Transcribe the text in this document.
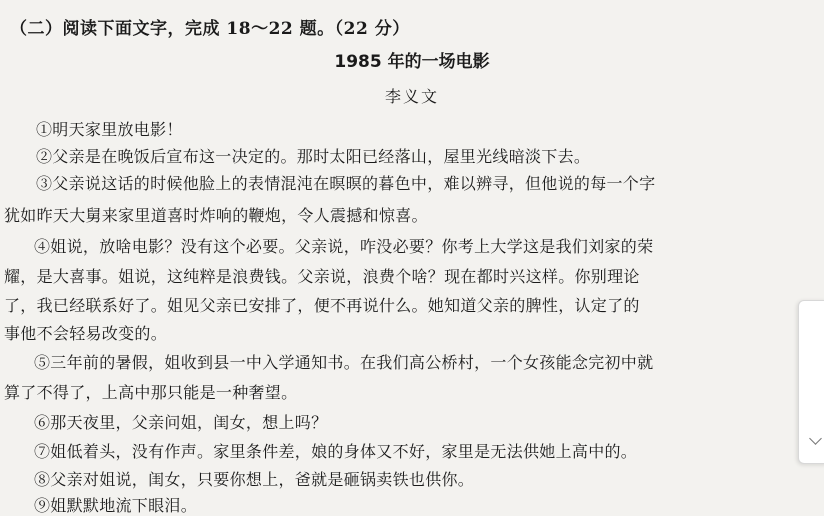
（二）阅读下面文字，完成 18～22 题。（22 分）
1985 年的一场电影
李义文
①明天家里放电影！
②父亲是在晚饭后宣布这一决定的。那时太阳已经落山，屋里光线暗淡下去。
③父亲说这话的时候他脸上的表情混沌在暝暝的暮色中，难以辨寻，但他说的每一个字
犹如昨天大舅来家里道喜时炸响的鞭炮，令人震撼和惊喜。
④姐说，放啥电影？没有这个必要。父亲说，咋没必要？你考上大学这是我们刘家的荣
耀，是大喜事。姐说，这纯粹是浪费钱。父亲说，浪费个啥？现在都时兴这样。你别理论
了，我已经联系好了。姐见父亲已安排了，便不再说什么。她知道父亲的脾性，认定了的
事他不会轻易改变的。
⑤三年前的暑假，姐收到县一中入学通知书。在我们高公桥村，一个女孩能念完初中就
算了不得了，上高中那只能是一种奢望。
⑥那天夜里，父亲问姐，闺女，想上吗？
⑦姐低着头，没有作声。家里条件差，娘的身体又不好，家里是无法供她上高中的。
⑧父亲对姐说，闺女，只要你想上，爸就是砸锅卖铁也供你。
⑨姐默默地流下眼泪。
